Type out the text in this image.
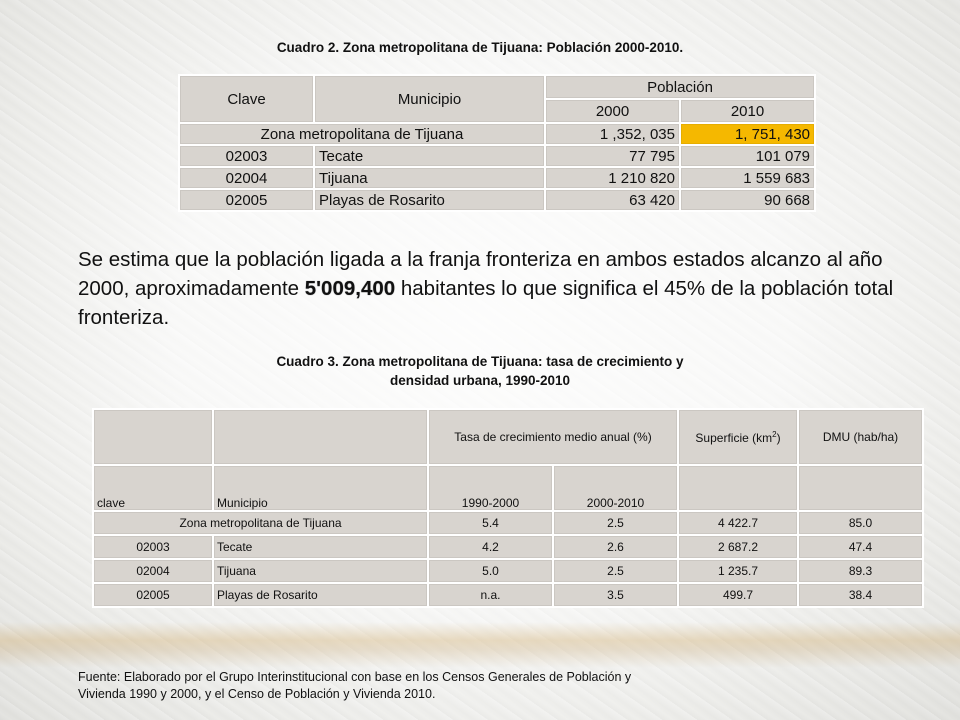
Cuadro 2. Zona metropolitana de Tijuana: Población 2000-2010.
Clave	Municipio	Población	
		2000	2010
Zona metropolitana de Tijuana		1 ,352, 035	1, 751, 430
02003	Tecate	77 795	101 079
02004	Tijuana	1 210 820	1 559 683
02005	Playas de Rosarito	63 420	90 668
Se estima que la población ligada a la franja fronteriza en ambos estados alcanzo al año 2000, aproximadamente 5'009,400 habitantes lo que significa el 45% de la población total fronteriza.
Cuadro 3. Zona metropolitana de Tijuana: tasa de crecimiento y
densidad urbana, 1990-2010
		Tasa de crecimiento medio anual (%)		Superficie $(km^2)$	DMU (hab/ha)
clave	Municipio	1990-2000	2000-2010		
Zona metropolitana de Tijuana		5.4	2.5	4 422.7	85.0
02003	Tecate	4.2	2.6	2 687.2	47.4
02004	Tijuana	5.0	2.5	1 235.7	89.3
02005	Playas de Rosarito	n.a.	3.5	499.7	38.4
Fuente: Elaborado por el Grupo Interinstitucional con base en los Censos Generales de Población y
Vivienda 1990 y 2000, y el Censo de Población y Vivienda 2010.
